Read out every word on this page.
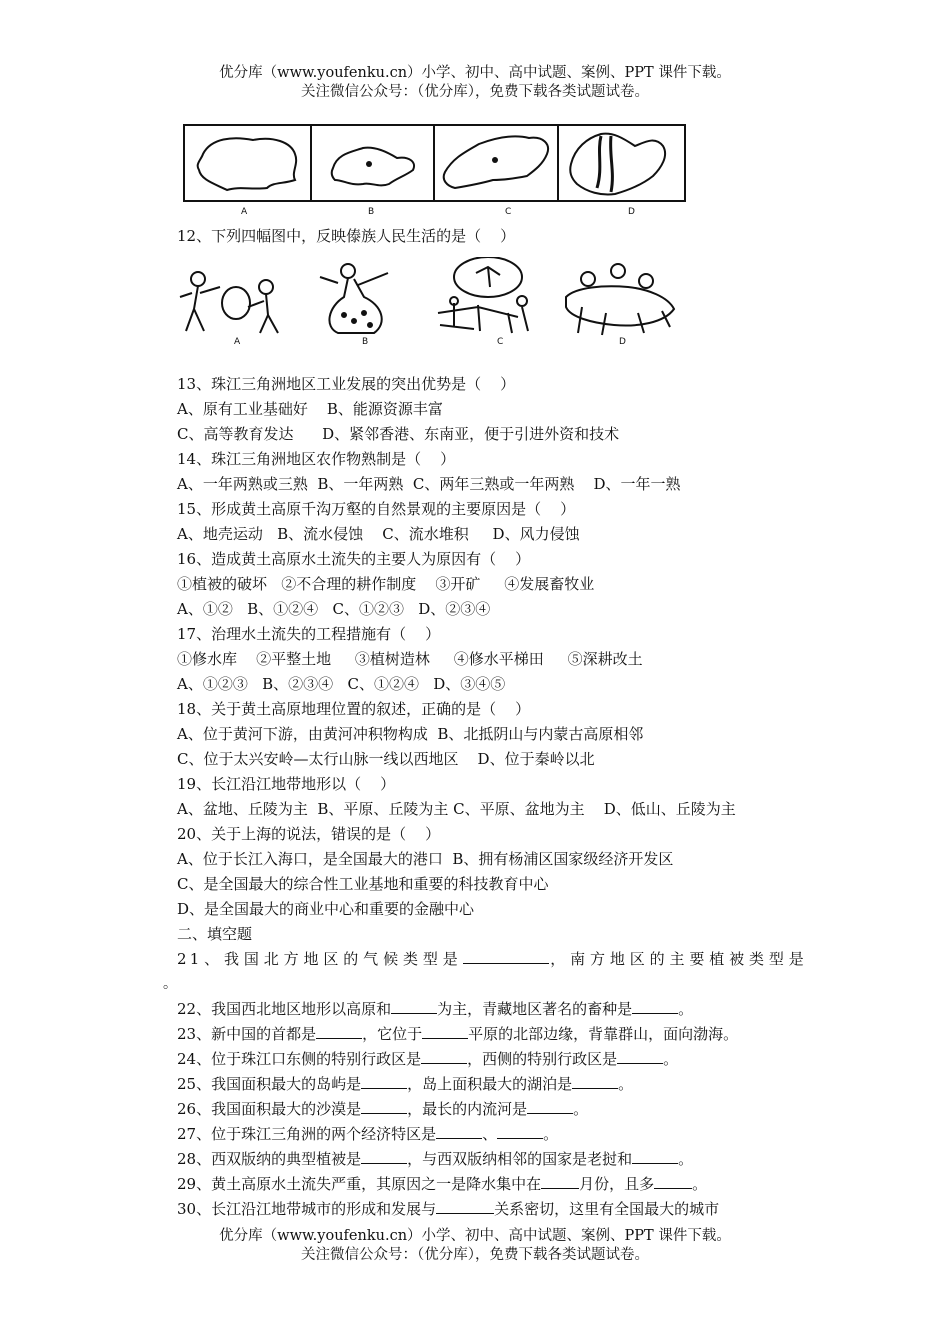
优分库（www.youfenku.cn）小学、初中、高中试题、案例、PPT 课件下载。
关注微信公众号：（优分库），免费下载各类试题试卷。
A	B	C	D
A	B	C	D
12、下列四幅图中，反映傣族人民生活的是（    ）
13、珠江三角洲地区工业发展的突出优势是（    ）
A、原有工业基础好    B、能源资源丰富
C、高等教育发达      D、紧邻香港、东南亚，便于引进外资和技术
14、珠江三角洲地区农作物熟制是（    ）
A、一年两熟或三熟  B、一年两熟  C、两年三熟或一年两熟    D、一年一熟
15、形成黄土高原千沟万壑的自然景观的主要原因是（    ）
A、地壳运动   B、流水侵蚀    C、流水堆积     D、风力侵蚀
16、造成黄土高原水土流失的主要人为原因有（    ）
①植被的破坏   ②不合理的耕作制度    ③开矿     ④发展畜牧业
A、①②   B、①②④   C、①②③   D、②③④
17、治理水土流失的工程措施有（    ）
①修水库    ②平整土地     ③植树造林     ④修水平梯田     ⑤深耕改土
A、①②③   B、②③④   C、①②④   D、③④⑤
18、关于黄土高原地理位置的叙述，正确的是（    ）
A、位于黄河下游，由黄河冲积物构成  B、北抵阴山与内蒙古高原相邻
C、位于太兴安岭—太行山脉一线以西地区    D、位于秦岭以北
19、长江沿江地带地形以（    ）
A、盆地、丘陵为主  B、平原、丘陵为主 C、平原、盆地为主    D、低山、丘陵为主
20、关于上海的说法，错误的是（    ）
A、位于长江入海口，是全国最大的港口  B、拥有杨浦区国家级经济开发区
C、是全国最大的综合性工业基地和重要的科技教育中心
D、是全国最大的商业中心和重要的金融中心
二、填空题
21、我国北方地区的气候类型是	，南方地区的主要植被类型是
22、我国西北地区地形以高原和	为主，青藏地区著名的畜种是	。
23、新中国的首都是	，它位于	平原的北部边缘，背靠群山，面向渤海。
24、位于珠江口东侧的特别行政区是	，西侧的特别行政区是	。
25、我国面积最大的岛屿是	，岛上面积最大的湖泊是	。
26、我国面积最大的沙漠是	，最长的内流河是	。
27、位于珠江三角洲的两个经济特区是	、	。
28、西双版纳的典型植被是	，与西双版纳相邻的国家是老挝和	。
29、黄土高原水土流失严重，其原因之一是降水集中在	月份，且多	。
30、长江沿江地带城市的形成和发展与	关系密切，这里有全国最大的城市
。
优分库（www.youfenku.cn）小学、初中、高中试题、案例、PPT 课件下载。
关注微信公众号：（优分库），免费下载各类试题试卷。
